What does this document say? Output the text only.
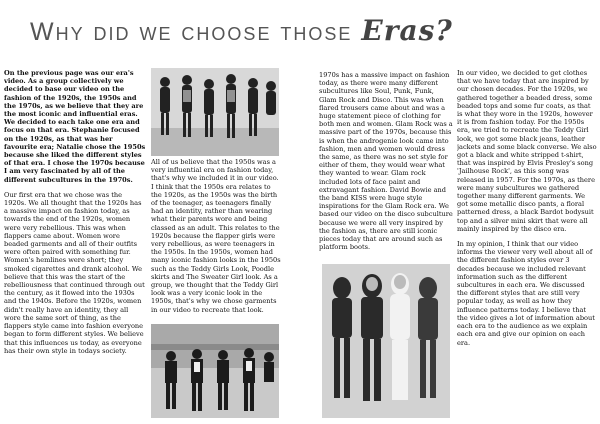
Why did we choose those Eras?

On the previous page was our era's video. As a group collectively we decided to base our video on the fashion of the 1920s, the 1950s and the 1970s, as we believe that they are the most iconic and influential eras. We decided to each take one era and focus on that era. Stephanie focused on the 1920s, as that was her favourite era; Natalie chose the 1950s because she liked the different styles of that era. I chose the 1970s because I am very fascinated by all of the different subcultures in the 1970s.

Our first era that we chose was the 1920s. We all thought that the 1920s has a massive impact on fashion today, as towards the end of the 1920s, women were very rebellious. This was when flappers came about. Women wore beaded garments and all of their outfits were often paired with something fur. Women's hemlines were short; they smoked cigarettes and drank alcohol. We believe that this was the start of the rebelliousness that continued through out the century, as it flowed into the 1930s and the 1940s. Before the 1920s, women didn't really have an identity, they all wore the same sort of thing, as the flappers style came into fashion everyone began to form different styles. We believe that this influences us today, as everyone has their own style in todays society.

All of us believe that the 1950s was a very influential era on fashion today, that's why we included it in our video. I think that the 1950s era relates to the 1920s, as the 1950s was the birth of the teenager, as teenagers finally had an identity, rather than wearing what their parents wore and being classed as an adult. This relates to the 1920s because the flapper girls were very rebellious, as were teenagers in the 1950s. In the 1950s, women had many iconic fashion looks in the 1950s such as the Teddy Girls Look, Poodle skirts and The Sweater Girl look. As a group, we thought that the Teddy Girl look was a very iconic look in the 1950s, that's why we chose garments in our video to recreate that look.

1970s has a massive impact on fashion today, as there were many different subcultures like Soul, Punk, Funk, Glam Rock and Disco. This was when flared trousers came about and was a huge statement piece of clothing for both men and women. Glam Rock was a massive part of the 1970s, because this is when the androgenie look came into fashion, men and women would dress the same, as there was no set style for either of them, they would wear what they wanted to wear. Glam rock included lots of face paint and extravagant fashion. David Bowie and the band KISS were huge style inspirations for the Glam Rock era. We based our video on the disco subculture because we were all very inspired by the fashion as, there are still iconic pieces today that are around such as platform boots.

In our video, we decided to get clothes that we have today that are inspired by our chosen decades. For the 1920s, we gathered together a beaded dress, some beaded tops and some fur coats, as that is what they wore in the 1920s, however it is from fashion today. For the 1950s era, we tried to recreate the Teddy Girl look, we got some black jeans, leather jackets and some black converse. We also got a black and white stripped t-shirt, that was inspired by Elvis Presley's song 'Jailhouse Rock', as this song was released in 1957. For the 1970s, as there were many subcultures we gathered together many different garments. We got some metallic disco pants, a floral patterned dress, a black Bardot bodysuit top and a silver mini skirt that were all mainly inspired by the disco era.

In my opinion, I think that our video informs the viewer very well about all of the different fashion styles over 3 decades because we included relevant information such as the different subcultures in each era. We discussed the different styles that are still very popular today, as well as how they influence patterns today. I believe that the video gives a lot of information about each era to the audience as we explain each era and give our opinion on each era.
